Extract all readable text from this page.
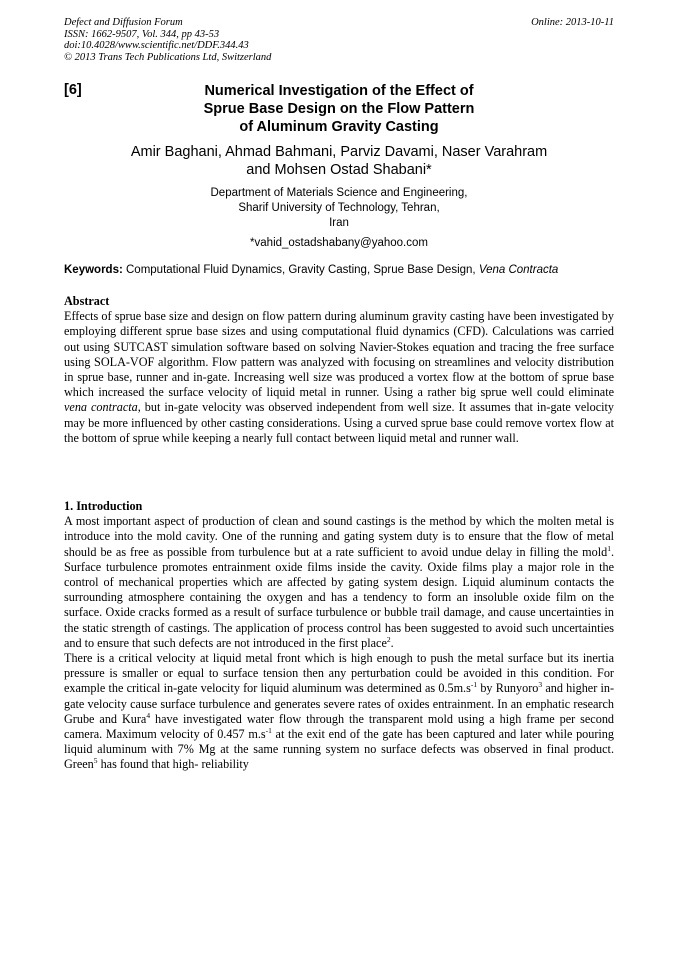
Defect and Diffusion Forum
ISSN: 1662-9507, Vol. 344, pp 43-53
doi:10.4028/www.scientific.net/DDF.344.43
© 2013 Trans Tech Publications Ltd, Switzerland
Online: 2013-10-11
[6]	Numerical Investigation of the Effect of
Sprue Base Design on the Flow Pattern
of Aluminum Gravity Casting
Amir Baghani, Ahmad Bahmani, Parviz Davami, Naser Varahram
and Mohsen Ostad Shabani*
Department of Materials Science and Engineering,
Sharif University of Technology, Tehran,
Iran
*vahid_ostadshabany@yahoo.com
Keywords: Computational Fluid Dynamics, Gravity Casting, Sprue Base Design, Vena Contracta
Abstract

Effects of sprue base size and design on flow pattern during aluminum gravity casting have been investigated by employing different sprue base sizes and using computational fluid dynamics (CFD). Calculations was carried out using SUTCAST simulation software based on solving Navier-Stokes equation and tracing the free surface using SOLA-VOF algorithm. Flow pattern was analyzed with focusing on streamlines and velocity distribution in sprue base, runner and in-gate. Increasing well size was produced a vortex flow at the bottom of sprue base which increased the surface velocity of liquid metal in runner. Using a rather big sprue well could eliminate vena contracta, but in-gate velocity was observed independent from well size. It assumes that in-gate velocity may be more influenced by other casting considerations. Using a curved sprue base could remove vortex flow at the bottom of sprue while keeping a nearly full contact between liquid metal and runner wall.

1. Introduction

A most important aspect of production of clean and sound castings is the method by which the molten metal is introduce into the mold cavity. One of the running and gating system duty is to ensure that the flow of metal should be as free as possible from turbulence but at a rate sufficient to avoid undue delay in filling the mold$^1$. Surface turbulence promotes entrainment oxide films inside the cavity. Oxide films play a major role in the control of mechanical properties which are affected by gating system design. Liquid aluminum contacts the surrounding atmosphere containing the oxygen and has a tendency to form an insoluble oxide film on the surface. Oxide cracks formed as a result of surface turbulence or bubble trail damage, and cause uncertainties in the static strength of castings. The application of process control has been suggested to avoid such uncertainties and to ensure that such defects are not introduced in the first place$^2$.

There is a critical velocity at liquid metal front which is high enough to push the metal surface but its inertia pressure is smaller or equal to surface tension then any perturbation could be avoided in this condition. For example the critical in-gate velocity for liquid aluminum was determined as $0.5m.s^{-1}$ by Runyoro$^3$ and higher in-gate velocity cause surface turbulence and generates severe rates of oxides entrainment. In an emphatic research Grube and Kura$^4$ have investigated water flow through the transparent mold using a high frame per second camera. Maximum velocity of 0.457 $m.s^{-1}$ at the exit end of the gate has been captured and later while pouring liquid aluminum with 7% Mg at the same running system no surface defects was observed in final product. Green$^5$ has found that high- reliability
